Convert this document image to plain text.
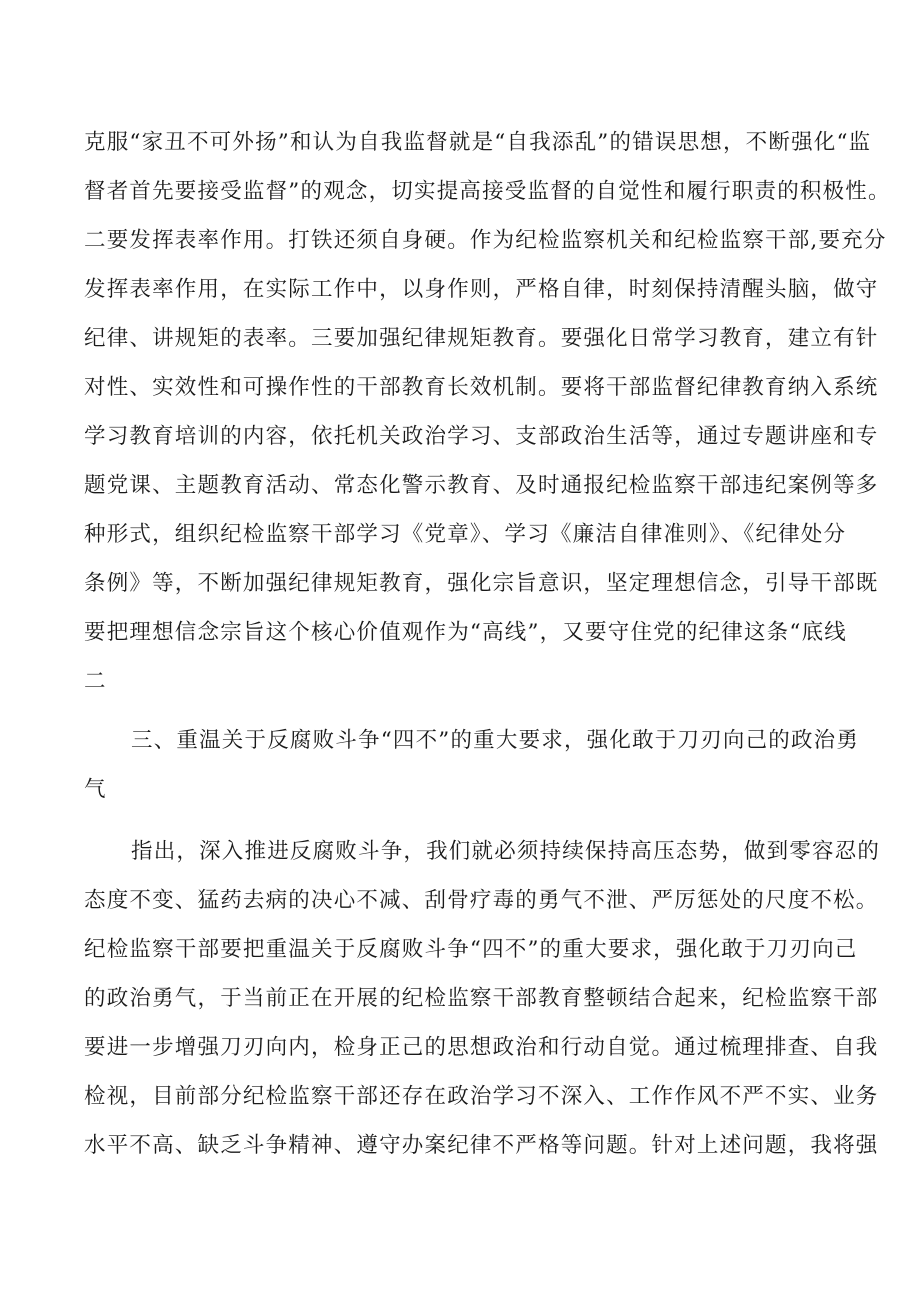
克服“家丑不可外扬”和认为自我监督就是“自我添乱”的错误思想，不断强化“监

督者首先要接受监督”的观念，切实提高接受监督的自觉性和履行职责的积极性。

二要发挥表率作用。打铁还须自身硬。作为纪检监察机关和纪检监察干部,要充分

发挥表率作用，在实际工作中，以身作则，严格自律，时刻保持清醒头脑，做守

纪律、讲规矩的表率。三要加强纪律规矩教育。要强化日常学习教育，建立有针

对性、实效性和可操作性的干部教育长效机制。要将干部监督纪律教育纳入系统

学习教育培训的内容，依托机关政治学习、支部政治生活等，通过专题讲座和专

题党课、主题教育活动、常态化警示教育、及时通报纪检监察干部违纪案例等多

种形式，组织纪检监察干部学习《党章》、学习《廉洁自律准则》、《纪律处分

条例》等，不断加强纪律规矩教育，强化宗旨意识，坚定理想信念，引导干部既

要把理想信念宗旨这个核心价值观作为“高线”，又要守住党的纪律这条“底线

二

三、重温关于反腐败斗争“四不”的重大要求，强化敢于刀刃向己的政治勇

气

指出，深入推进反腐败斗争，我们就必须持续保持高压态势，做到零容忍的

态度不变、猛药去病的决心不减、刮骨疗毒的勇气不泄、严厉惩处的尺度不松。

纪检监察干部要把重温关于反腐败斗争“四不”的重大要求，强化敢于刀刃向己

的政治勇气，于当前正在开展的纪检监察干部教育整顿结合起来，纪检监察干部

要进一步增强刀刃向内，检身正己的思想政治和行动自觉。通过梳理排查、自我

检视，目前部分纪检监察干部还存在政治学习不深入、工作作风不严不实、业务

水平不高、缺乏斗争精神、遵守办案纪律不严格等问题。针对上述问题，我将强
